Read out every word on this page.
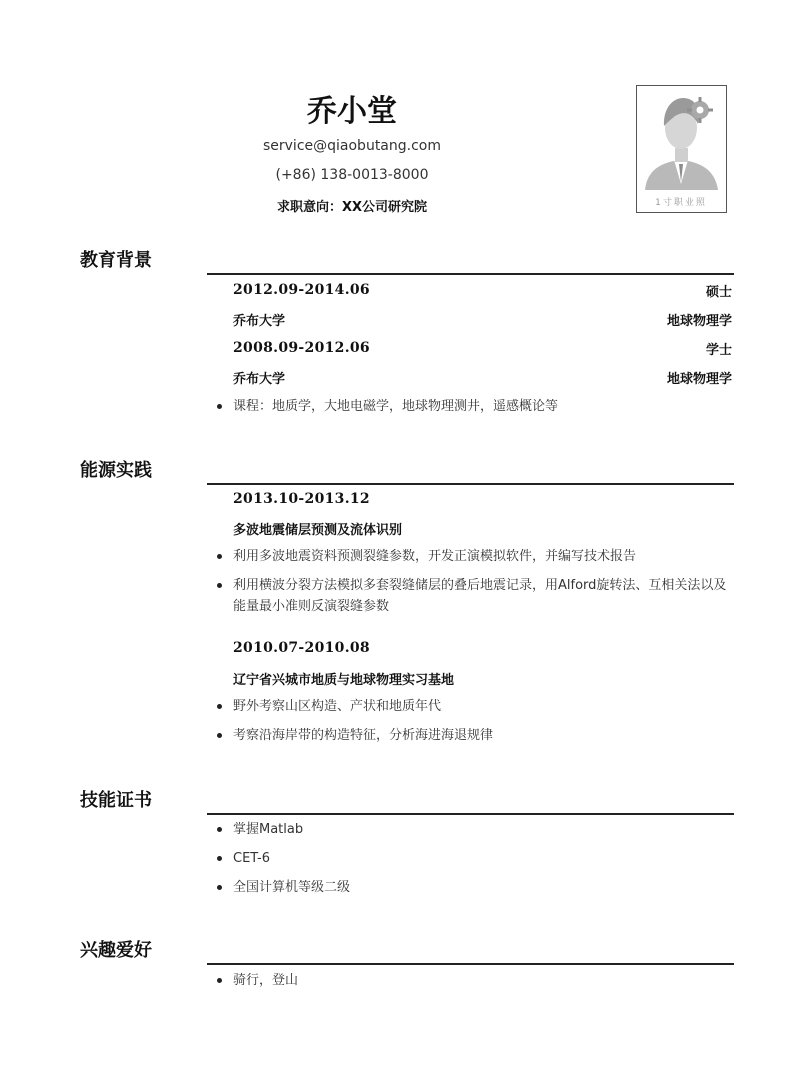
乔小堂
service@qiaobutang.com
(+86) 138-0013-8000
求职意向：XX公司研究院	1寸职业照
教育背景
2012.09-2014.06	硕士
乔布大学	地球物理学
2008.09-2012.06	学士
乔布大学	地球物理学
课程：地质学，大地电磁学，地球物理测井，遥感概论等
能源实践
2013.10-2013.12
多波地震储层预测及流体识别
利用多波地震资料预测裂缝参数，开发正演模拟软件，并编写技术报告
利用横波分裂方法模拟多套裂缝储层的叠后地震记录，用Alford旋转法、互相关法以及能量最小准则反演裂缝参数
2010.07-2010.08
辽宁省兴城市地质与地球物理实习基地
野外考察山区构造、产状和地质年代
考察沿海岸带的构造特征，分析海进海退规律
技能证书
掌握Matlab
CET-6
全国计算机等级二级
兴趣爱好
骑行，登山
